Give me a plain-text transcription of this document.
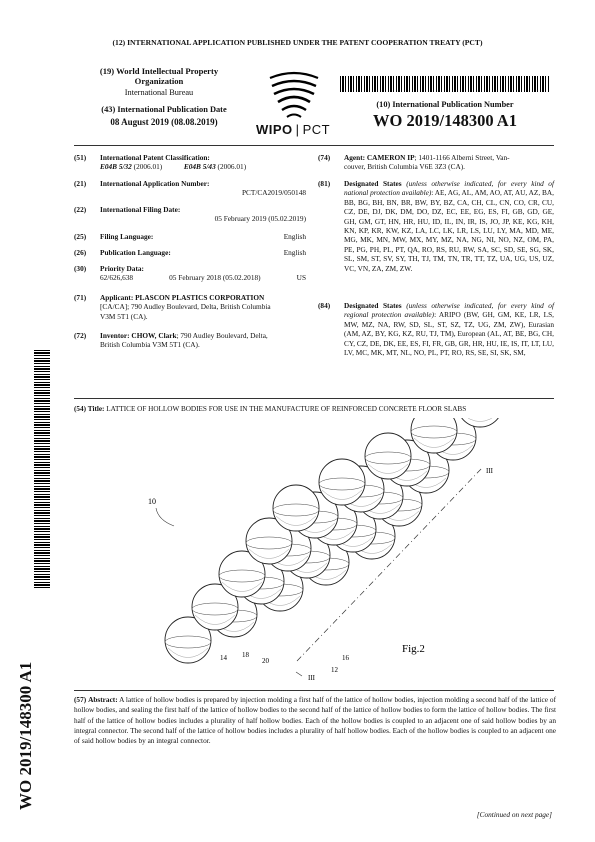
(12) INTERNATIONAL APPLICATION PUBLISHED UNDER THE PATENT COOPERATION TREATY (PCT)
(19) World Intellectual Property
Organization
International Bureau
(43) International Publication Date
08 August 2019 (08.08.2019)	WIPO | PCT
(10) International Publication Number
WO 2019/148300 A1
(51) International Patent Classification:
E04B 5/32 (2006.01)	E04B 5/43 (2006.01)
(21) International Application Number:
PCT/CA2019/050148
(22) International Filing Date:
05 February 2019 (05.02.2019)
(25) Filing Language:	English
(26) Publication Language:	English
(30) Priority Data:
62/626,638	05 February 2018 (05.02.2018)	US
(71) Applicant: PLASCON PLASTICS CORPORATION
[CA/CA]; 790 Audley Boulevard, Delta, British Columbia
V3M 5T1 (CA).
(72) Inventor: CHOW, Clark; 790 Audley Boulevard, Delta,
British Columbia V3M 5T1 (CA).
(74) Agent: CAMERON IP; 1401-1166 Alberni Street, Van-
couver, British Columbia V6E 3Z3 (CA).
(81)	Designated States (unless otherwise indicated, for every kind of national protection available): AE, AG, AL, AM, AO, AT, AU, AZ, BA, BB, BG, BH, BN, BR, BW, BY, BZ, CA, CH, CL, CN, CO, CR, CU, CZ, DE, DJ, DK, DM, DO, DZ, EC, EE, EG, ES, FI, GB, GD, GE, GH, GM, GT, HN, HR, HU, ID, IL, IN, IR, IS, JO, JP, KE, KG, KH, KN, KP, KR, KW, KZ, LA, LC, LK, LR, LS, LU, LY, MA, MD, ME, MG, MK, MN, MW, MX, MY, MZ, NA, NG, NI, NO, NZ, OM, PA, PE, PG, PH, PL, PT, QA, RO, RS, RU, RW, SA, SC, SD, SE, SG, SK, SL, SM, ST, SV, SY, TH, TJ, TM, TN, TR, TT, TZ, UA, UG, US, UZ, VC, VN, ZA, ZM, ZW.
(84)	Designated States (unless otherwise indicated, for every kind of regional protection available): ARIPO (BW, GH, GM, KE, LR, LS, MW, MZ, NA, RW, SD, SL, ST, SZ, TZ, UG, ZM, ZW), Eurasian (AM, AZ, BY, KG, KZ, RU, TJ, TM), European (AL, AT, BE, BG, CH, CY, CZ, DE, DK, EE, ES, FI, FR, GB, GR, HR, HU, IE, IS, IT, LT, LU, LV, MC, MK, MT, NL, NO, PL, PT, RO, RS, SE, SI, SK, SM,
(54) Title: LATTICE OF HOLLOW BODIES FOR USE IN THE MANUFACTURE OF REINFORCED CONCRETE FLOOR SLABS
Fig.2
10
III
III
14 18
20	16
12
(57) Abstract: A lattice of hollow bodies is prepared by injection molding a first half of the lattice of hollow bodies, injection molding a second half of the lattice of hollow bodies, and sealing the first half of the lattice of hollow bodies to the second half of the lattice of hollow bodies to form the lattice of hollow bodies. The first half of the lattice of hollow bodies includes a plurality of half hollow bodies. Each of the hollow bodies is coupled to an adjacent one of said hollow bodies by an integral connector. The second half of the lattice of hollow bodies includes a plurality of half hollow bodies. Each of the hollow bodies is coupled to an adjacent one of said hollow bodies by an integral connector.
[Continued on next page]
WO 2019/148300 A1
